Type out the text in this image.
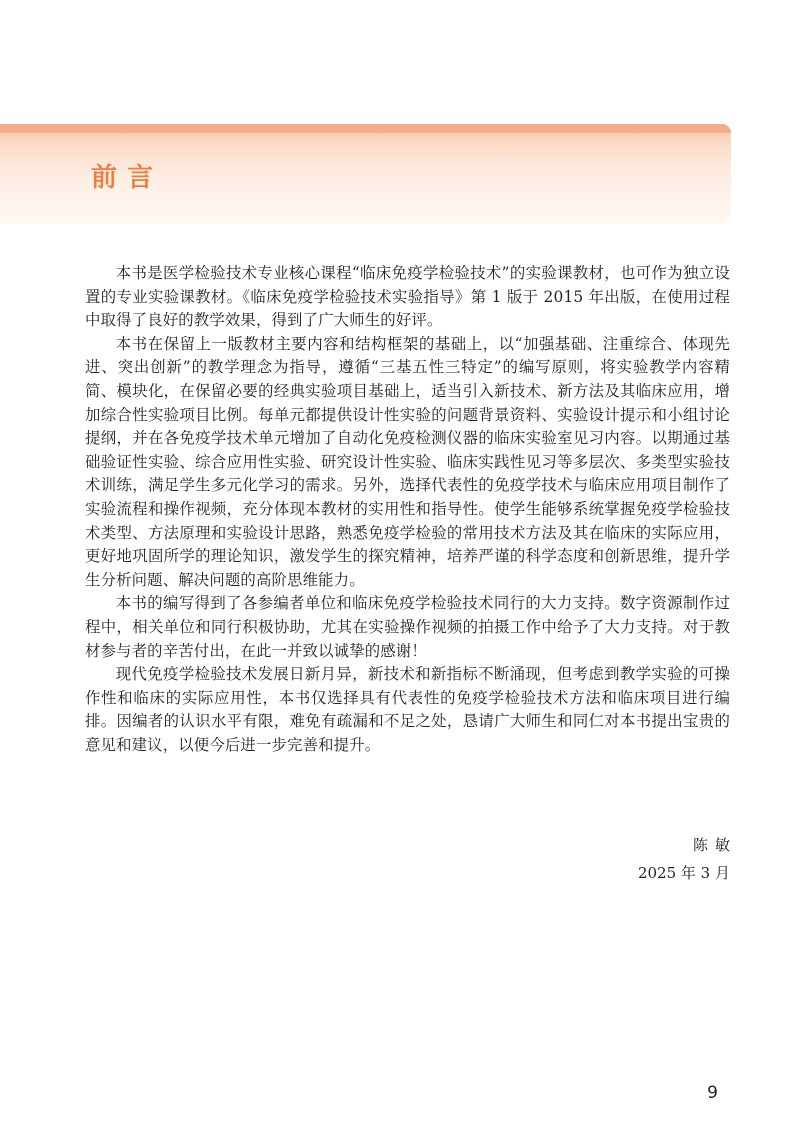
前言

本书是医学检验技术专业核心课程“临床免疫学检验技术”的实验课教材，也可作为独立设置的专业实验课教材。《临床免疫学检验技术实验指导》第 1 版于 2015 年出版，在使用过程中取得了良好的教学效果，得到了广大师生的好评。

本书在保留上一版教材主要内容和结构框架的基础上，以“加强基础、注重综合、体现先进、突出创新”的教学理念为指导，遵循“三基五性三特定”的编写原则，将实验教学内容精简、模块化，在保留必要的经典实验项目基础上，适当引入新技术、新方法及其临床应用，增加综合性实验项目比例。每单元都提供设计性实验的问题背景资料、实验设计提示和小组讨论提纲，并在各免疫学技术单元增加了自动化免疫检测仪器的临床实验室见习内容。以期通过基础验证性实验、综合应用性实验、研究设计性实验、临床实践性见习等多层次、多类型实验技术训练，满足学生多元化学习的需求。另外，选择代表性的免疫学技术与临床应用项目制作了实验流程和操作视频，充分体现本教材的实用性和指导性。使学生能够系统掌握免疫学检验技术类型、方法原理和实验设计思路，熟悉免疫学检验的常用技术方法及其在临床的实际应用，更好地巩固所学的理论知识，激发学生的探究精神，培养严谨的科学态度和创新思维，提升学生分析问题、解决问题的高阶思维能力。

本书的编写得到了各参编者单位和临床免疫学检验技术同行的大力支持。数字资源制作过程中，相关单位和同行积极协助，尤其在实验操作视频的拍摄工作中给予了大力支持。对于教材参与者的辛苦付出，在此一并致以诚挚的感谢！

现代免疫学检验技术发展日新月异，新技术和新指标不断涌现，但考虑到教学实验的可操作性和临床的实际应用性，本书仅选择具有代表性的免疫学检验技术方法和临床项目进行编排。因编者的认识水平有限，难免有疏漏和不足之处，恳请广大师生和同仁对本书提出宝贵的意见和建议，以便今后进一步完善和提升。

陈敏
2025 年 3 月
9
